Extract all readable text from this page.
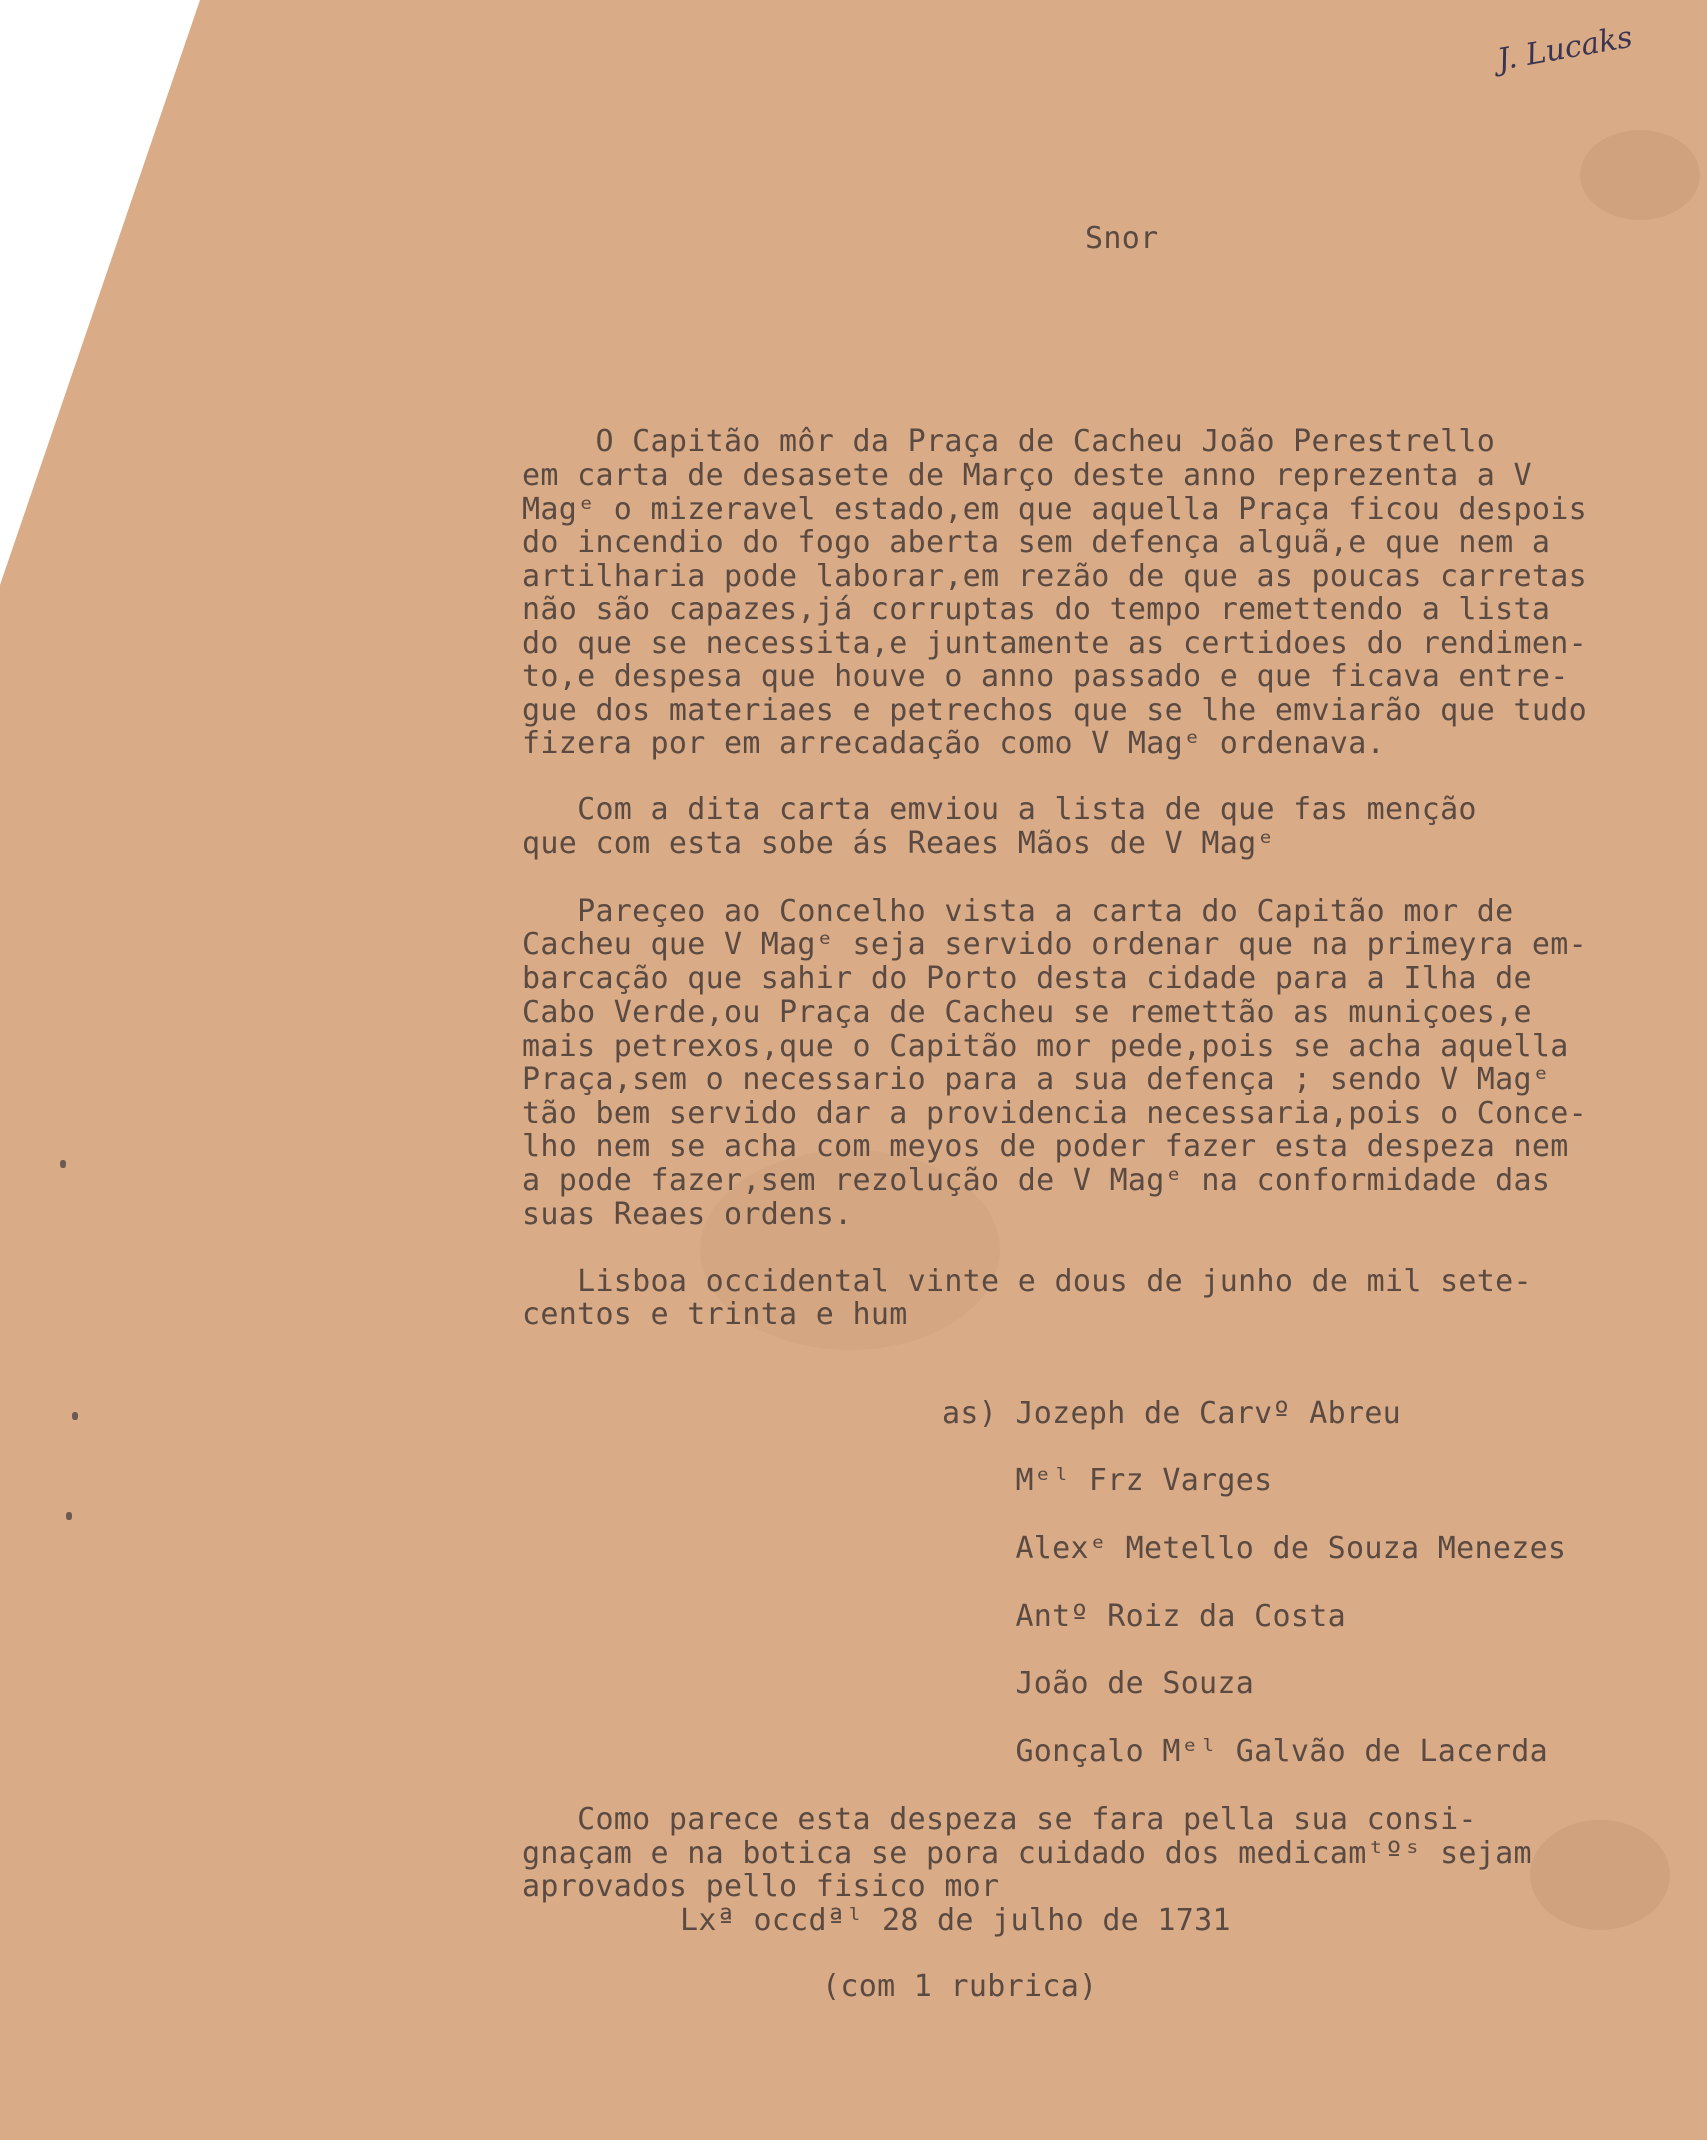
J. Lucaks
Snor
O Capitão môr da Praça de Cacheu João Perestrello
em carta de desasete de Março deste anno reprezenta a V
Magᵉ o mizeravel estado,em que aquella Praça ficou despois
do incendio do fogo aberta sem defença alguã,e que nem a
artilharia pode laborar,em rezão de que as poucas carretas
não são capazes,já corruptas do tempo remettendo a lista
do que se necessita,e juntamente as certidoes do rendimen-
to,e despesa que houve o anno passado e que ficava entre-
gue dos materiaes e petrechos que se lhe emviarão que tudo
fizera por em arrecadação como V Magᵉ ordenava.
Com a dita carta emviou a lista de que fas menção
que com esta sobe ás Reaes Mãos de V Magᵉ
Pareçeo ao Concelho vista a carta do Capitão mor de
Cacheu que V Magᵉ seja servido ordenar que na primeyra em-
barcação que sahir do Porto desta cidade para a Ilha de
Cabo Verde,ou Praça de Cacheu se remettão as muniçoes,e
mais petrexos,que o Capitão mor pede,pois se acha aquella
Praça,sem o necessario para a sua defença ; sendo V Magᵉ
tão bem servido dar a providencia necessaria,pois o Conce-
lho nem se acha com meyos de poder fazer esta despeza nem
a pode fazer,sem rezolução de V Magᵉ na conformidade das
suas Reaes ordens.
Lisboa occidental vinte e dous de junho de mil sete-
centos e trinta e hum
as) Jozeph de Carvº Abreu
Mᵉˡ Frz Varges
Alexᵉ Metello de Souza Menezes
Antº Roiz da Costa
João de Souza
Gonçalo Mᵉˡ Galvão de Lacerda
Como parece esta despeza se fara pella sua consi-
gnaçam e na botica se pora cuidado dos medicamᵗºˢ sejam
aprovados pello fisico mor
Lxª occdªˡ 28 de julho de 1731
(com 1 rubrica)
